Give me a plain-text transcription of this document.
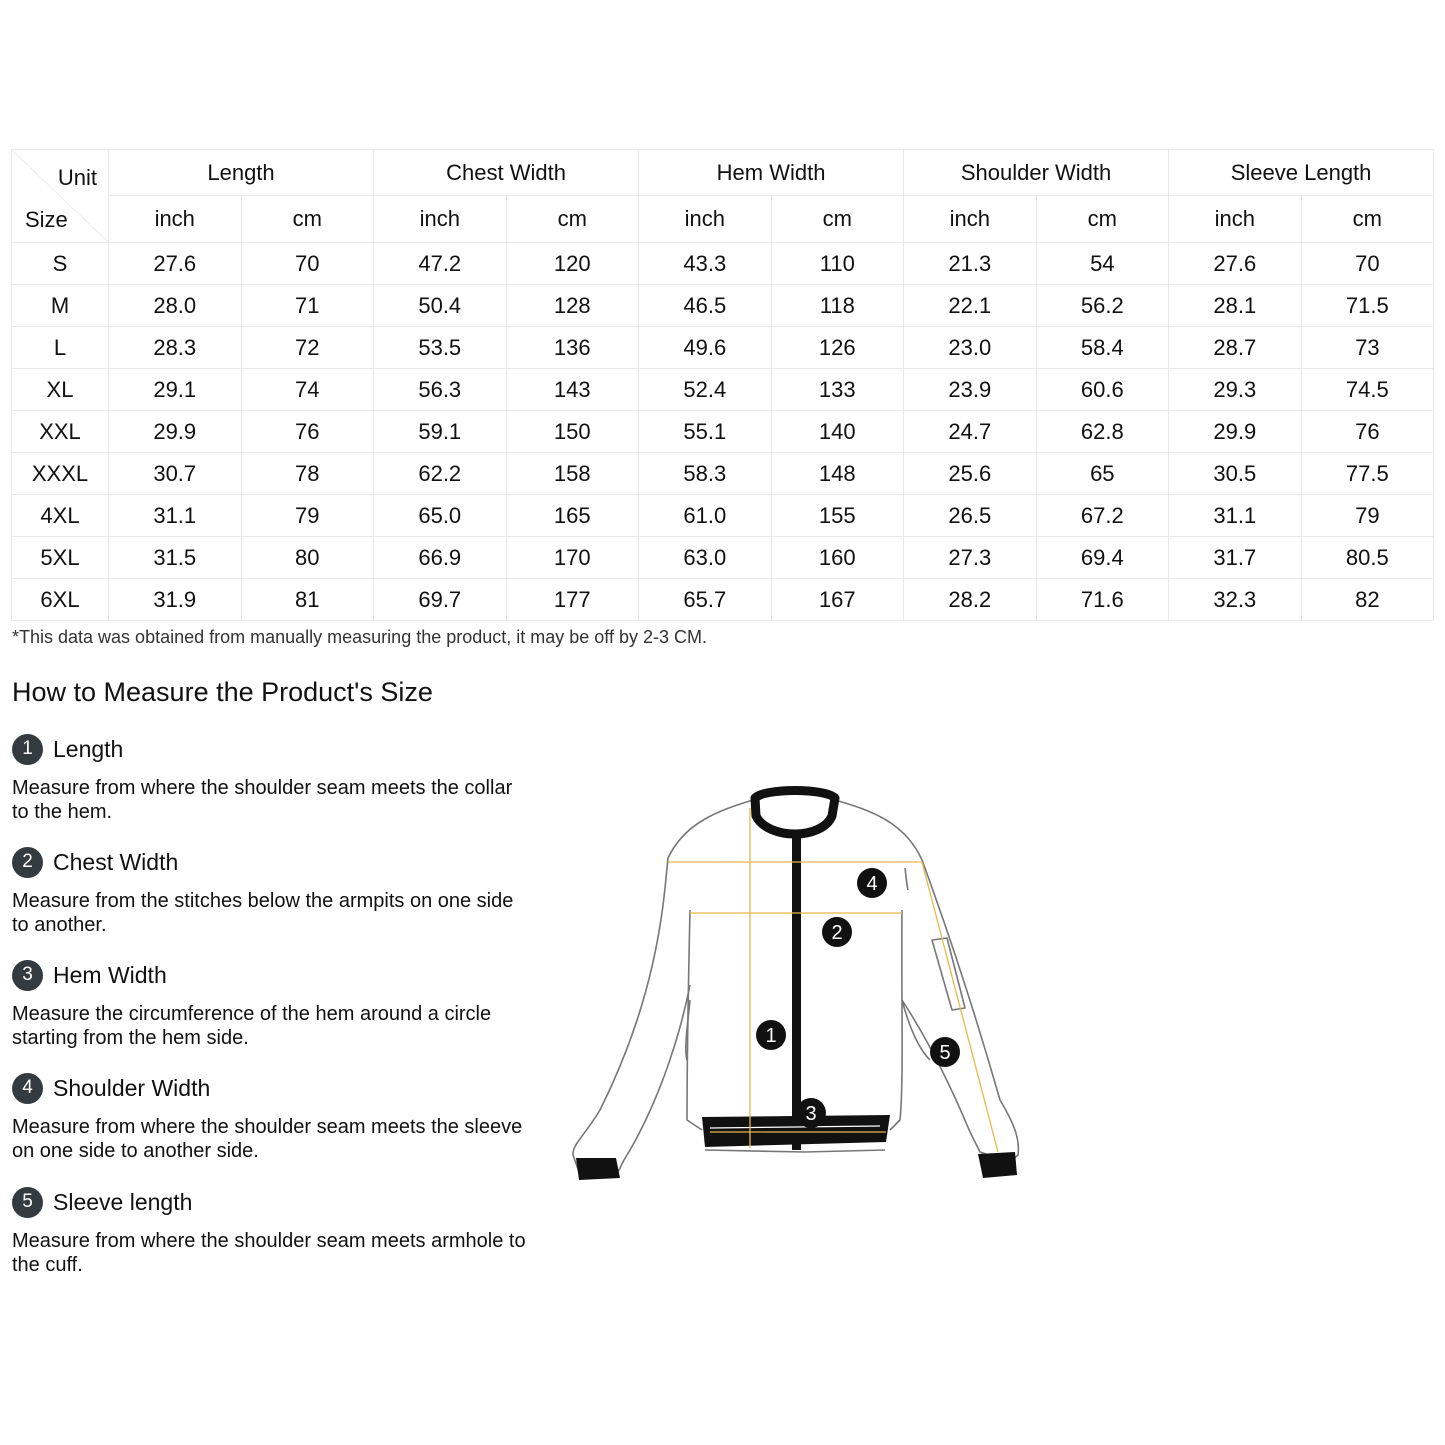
Unit
Size	Length		Chest Width		Hem Width		Shoulder Width		Sleeve Length	
	inch	cm	inch	cm	inch	cm	inch	cm	inch	cm
S	27.6	70	47.2	120	43.3	110	21.3	54	27.6	70
M	28.0	71	50.4	128	46.5	118	22.1	56.2	28.1	71.5
L	28.3	72	53.5	136	49.6	126	23.0	58.4	28.7	73
XL	29.1	74	56.3	143	52.4	133	23.9	60.6	29.3	74.5
XXL	29.9	76	59.1	150	55.1	140	24.7	62.8	29.9	76
XXXL	30.7	78	62.2	158	58.3	148	25.6	65	30.5	77.5
4XL	31.1	79	65.0	165	61.0	155	26.5	67.2	31.1	79
5XL	31.5	80	66.9	170	63.0	160	27.3	69.4	31.7	80.5
6XL	31.9	81	69.7	177	65.7	167	28.2	71.6	32.3	82
*This data was obtained from manually measuring the product, it may be off by 2-3 CM.
How to Measure the Product's Size
1 Length
Measure from where the shoulder seam meets the collar to the hem.
2 Chest Width
Measure from the stitches below the armpits on one side to another.
3 Hem Width
Measure the circumference of the hem around a circle starting from the hem side.
4 Shoulder Width
Measure from where the shoulder seam meets the sleeve on one side to another side.
5 Sleeve length
Measure from where the shoulder seam meets armhole to the cuff.
1
2
3
4
5
